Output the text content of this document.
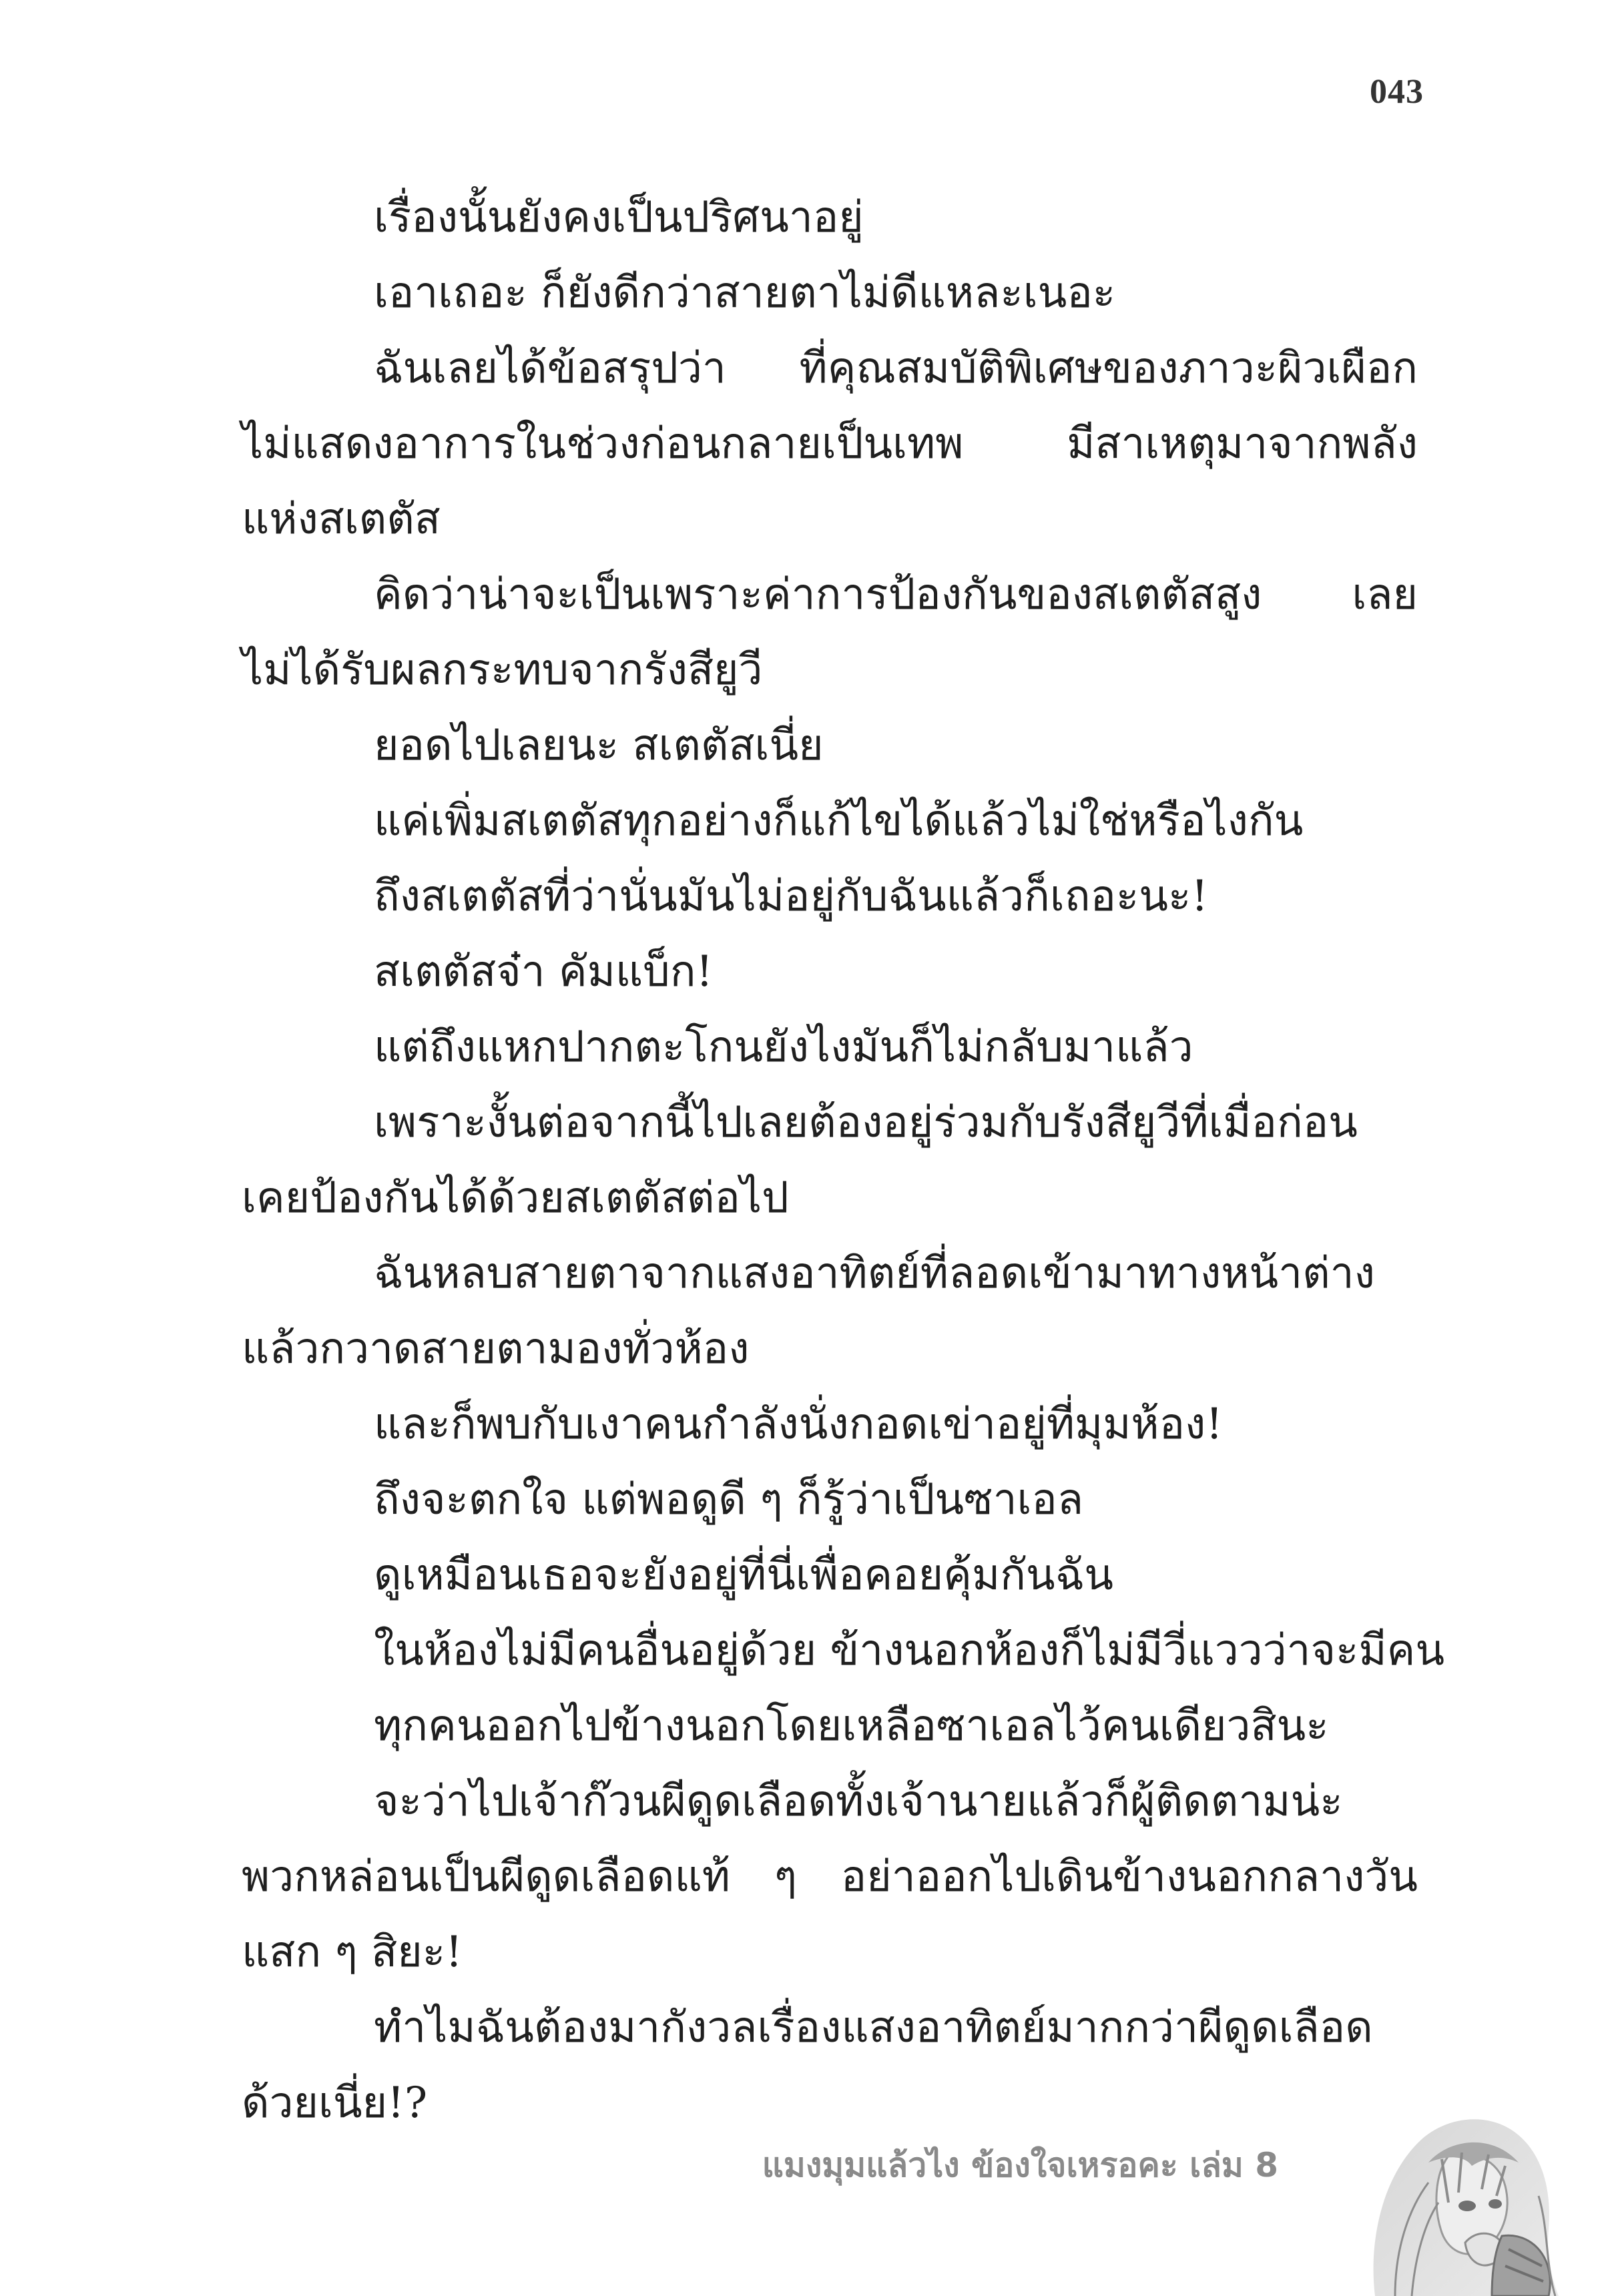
043

เรื่องนั้นยังคงเป็นปริศนาอยู่

เอาเถอะ ก็ยังดีกว่าสายตาไม่ดีแหละเนอะ

ฉันเลยได้ข้อสรุปว่า ที่คุณสมบัติพิเศษของภาวะผิวเผือก
ไม่แสดงอาการในช่วงก่อนกลายเป็นเทพ มีสาเหตุมาจากพลัง
แห่งสเตตัส

คิดว่าน่าจะเป็นเพราะค่าการป้องกันของสเตตัสสูง เลย
ไม่ได้รับผลกระทบจากรังสียูวี

ยอดไปเลยนะ สเตตัสเนี่ย

แค่เพิ่มสเตตัสทุกอย่างก็แก้ไขได้แล้วไม่ใช่หรือไงกัน

ถึงสเตตัสที่ว่านั่นมันไม่อยู่กับฉันแล้วก็เถอะนะ!

สเตตัสจ๋า คัมแบ็ก!

แต่ถึงแหกปากตะโกนยังไงมันก็ไม่กลับมาแล้ว

เพราะงั้นต่อจากนี้ไปเลยต้องอยู่ร่วมกับรังสียูวีที่เมื่อก่อน
เคยป้องกันได้ด้วยสเตตัสต่อไป

ฉันหลบสายตาจากแสงอาทิตย์ที่ลอดเข้ามาทางหน้าต่าง
แล้วกวาดสายตามองทั่วห้อง

และก็พบกับเงาคนกำลังนั่งกอดเข่าอยู่ที่มุมห้อง!

ถึงจะตกใจ แต่พอดูดี ๆ ก็รู้ว่าเป็นซาเอล

ดูเหมือนเธอจะยังอยู่ที่นี่เพื่อคอยคุ้มกันฉัน

ในห้องไม่มีคนอื่นอยู่ด้วย ข้างนอกห้องก็ไม่มีวี่แววว่าจะมีคน

ทุกคนออกไปข้างนอกโดยเหลือซาเอลไว้คนเดียวสินะ

จะว่าไปเจ้าก๊วนผีดูดเลือดทั้งเจ้านายแล้วก็ผู้ติดตามน่ะ
พวกหล่อนเป็นผีดูดเลือดแท้ ๆ อย่าออกไปเดินข้างนอกกลางวัน
แสก ๆ สิยะ!

ทำไมฉันต้องมากังวลเรื่องแสงอาทิตย์มากกว่าผีดูดเลือด
ด้วยเนี่ย!?

แมงมุมแล้วไง ข้องใจเหรอคะ เล่ม 8
